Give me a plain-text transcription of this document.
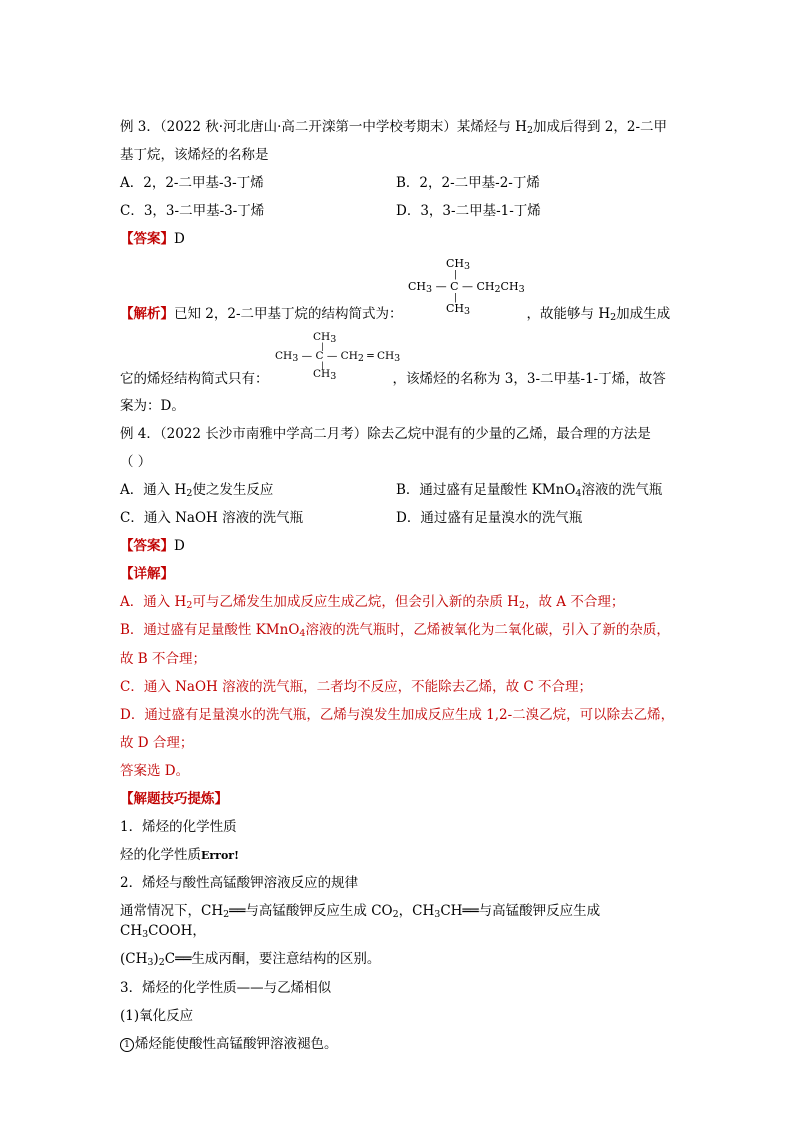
例 3．（2022 秋·河北唐山·高二开滦第一中学校考期末）某烯烃与 $H_2$加成后得到 2，2-二甲

基丁烷，该烯烃的名称是

A．2，2-二甲基-3-丁烯	B．2，2-二甲基-2-丁烯
C．3，3-二甲基-3-丁烯	D．3，3-二甲基-1-丁烯

【答案】D

CH3
|
CH3 — C — CH2CH3
|
CH3

【解析】已知 2，2-二甲基丁烷的结构简式为：	，故能够与 $H_2$加成生成

CH3
|
CH3 — C — CH2 ═ CH3
|
CH3

它的烯烃结构简式只有：	，该烯烃的名称为 3，3-二甲基-1-丁烯，故答

案为：D。

例 4．（2022 长沙市南雅中学高二月考）除去乙烷中混有的少量的乙烯，最合理的方法是

（ ）

A．通入 $H_2$使之发生反应	B．通过盛有足量酸性 KMnO$_4$溶液的洗气瓶
C．通入 NaOH 溶液的洗气瓶	D．通过盛有足量溴水的洗气瓶

【答案】D

【详解】

A．通入 $H_2$可与乙烯发生加成反应生成乙烷，但会引入新的杂质 $H_2$，故 A 不合理；

B．通过盛有足量酸性 KMnO$_4$溶液的洗气瓶时，乙烯被氧化为二氧化碳，引入了新的杂质，

故 B 不合理；

C．通入 NaOH 溶液的洗气瓶，二者均不反应，不能除去乙烯，故 C 不合理；

D．通过盛有足量溴水的洗气瓶，乙烯与溴发生加成反应生成 1,2-二溴乙烷，可以除去乙烯，

故 D 合理；

答案选 D。

【解题技巧提炼】

1．烯烃的化学性质

烃的化学性质Error!

2．烯烃与酸性高锰酸钾溶液反应的规律

通常情况下，$CH_2══$与高锰酸钾反应生成 $CO_2$，$CH_3CH══$与高锰酸钾反应生成 $CH_3COOH$，

$(CH_3)_2C══$生成丙酮，要注意结构的区别。

3．烯烃的化学性质——与乙烯相似

(1)氧化反应

1 烯烃能使酸性高锰酸钾溶液褪色。
